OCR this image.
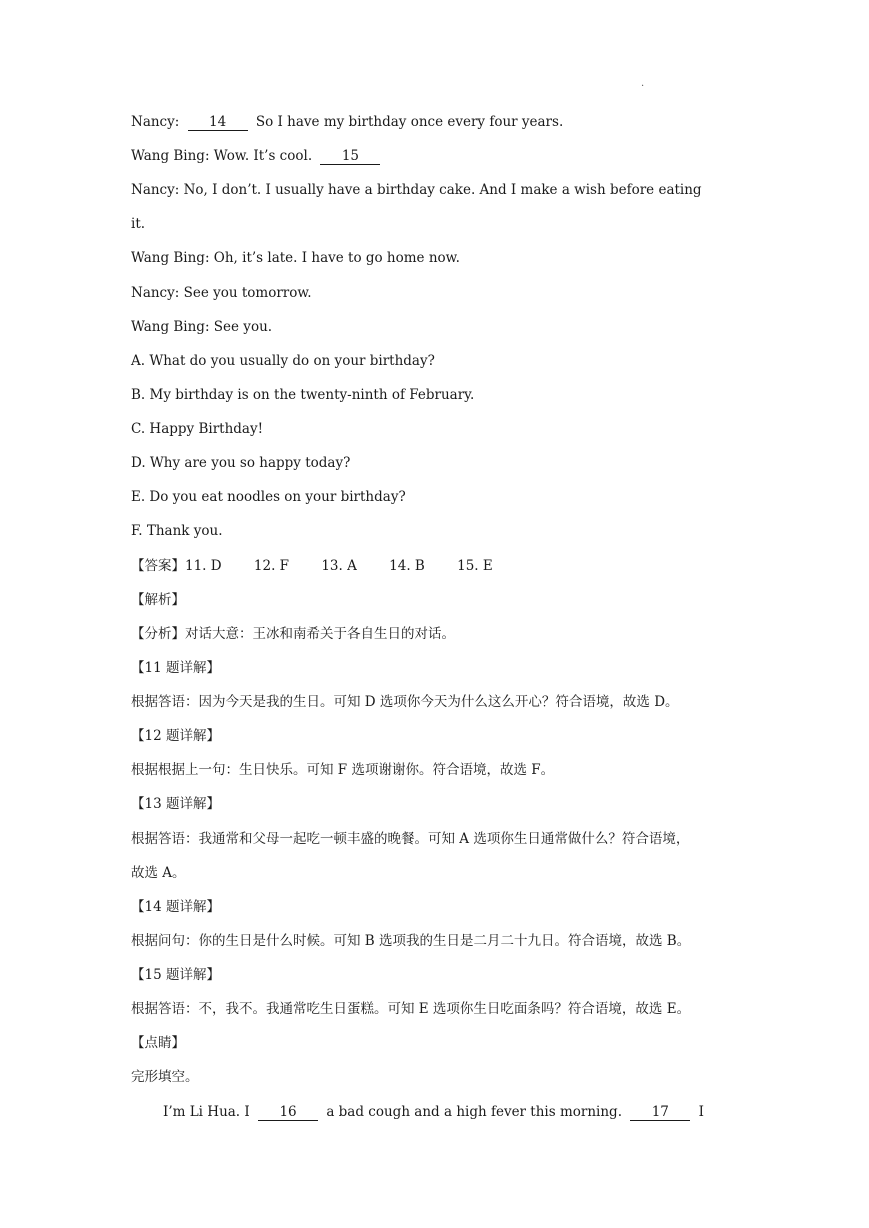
.
Nancy: 14 So I have my birthday once every four years.
Wang Bing: Wow. It’s cool. 15
Nancy: No, I don’t. I usually have a birthday cake. And I make a wish before eating
it.
Wang Bing: Oh, it’s late. I have to go home now.
Nancy: See you tomorrow.
Wang Bing: See you.
A. What do you usually do on your birthday?
B. My birthday is on the twenty-ninth of February.
C. Happy Birthday!
D. Why are you so happy today?
E. Do you eat noodles on your birthday?
F. Thank you.
【答案】11. D 12. F 13. A 14. B 15. E
【解析】
【分析】对话大意：王冰和南希关于各自生日的对话。
【11 题详解】
根据答语：因为今天是我的生日。可知 D 选项你今天为什么这么开心？符合语境，故选 D。
【12 题详解】
根据根据上一句：生日快乐。可知 F 选项谢谢你。符合语境，故选 F。
【13 题详解】
根据答语：我通常和父母一起吃一顿丰盛的晚餐。可知 A 选项你生日通常做什么？符合语境，
故选 A。
【14 题详解】
根据问句：你的生日是什么时候。可知 B 选项我的生日是二月二十九日。符合语境，故选 B。
【15 题详解】
根据答语：不，我不。我通常吃生日蛋糕。可知 E 选项你生日吃面条吗？符合语境，故选 E。
【点睛】
完形填空。
I’m Li Hua. I 16 a bad cough and a high fever this morning. 17 I
